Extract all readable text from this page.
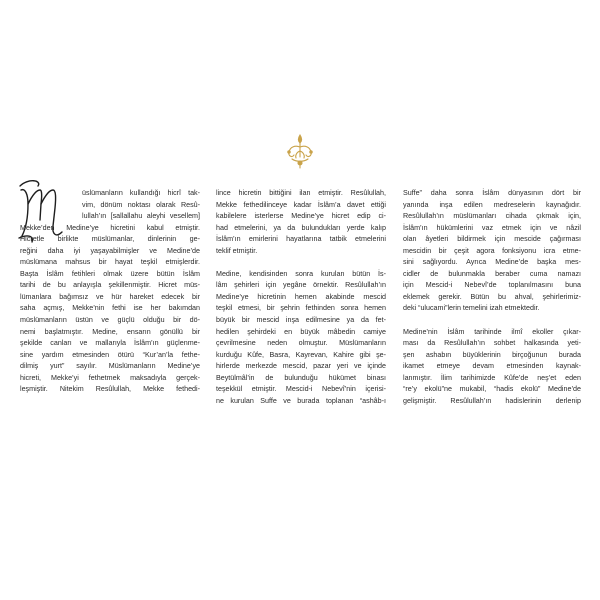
üslümanların kullandığı hicrî tak-
vim, dönüm noktası olarak Resû-
lullah’ın [sallallahu aleyhi vesellem]
Mekke’den Medine’ye hicretini kabul etmiştir.
Hicretle birlikte müslümanlar, dinlerinin ge-
reğini daha iyi yaşayabilmişler ve Medine’de
müslümana mahsus bir hayat teşkil etmişlerdir.
Başta İslâm fetihleri olmak üzere bütün İslâm
tarihi de bu anlayışla şekillenmiştir. Hicret müs-
lümanlara bağımsız ve hür hareket edecek bir
saha açmış, Mekke’nin fethi ise her bakımdan
müslümanların üstün ve güçlü olduğu bir dö-
nemi başlatmıştır. Medine, ensarın gönüllü bir
şekilde canları ve mallarıyla İslâm’ın güçlenme-
sine yardım etmesinden ötürü “Kur’an’la fethe-
dilmiş yurt” sayılır. Müslümanların Medine’ye
hicreti, Mekke’yi fethetmek maksadıyla gerçek-
leşmiştir. Nitekim Resûlullah, Mekke fethedi-
lince hicretin bittiğini ilan etmiştir. Resûlullah,
Mekke fethedilinceye kadar İslâm’a davet ettiği
kabilelere isterlerse Medine’ye hicret edip ci-
had etmelerini, ya da bulundukları yerde kalıp
İslâm’ın emirlerini hayatlarına tatbik etmelerini
teklif etmiştir.
Medine, kendisinden sonra kurulan bütün İs-
lâm şehirleri için yegâne örnektir. Resûlullah’ın
Medine’ye hicretinin hemen akabinde mescid
teşkil etmesi, bir şehrin fethinden sonra hemen
büyük bir mescid inşa edilmesine ya da fet-
hedilen şehirdeki en büyük mâbedin camiye
çevrilmesine neden olmuştur. Müslümanların
kurduğu Kûfe, Basra, Kayrevan, Kahire gibi şe-
hirlerde merkezde mescid, pazar yeri ve içinde
Beytülmâl’in de bulunduğu hükümet binası
teşekkül etmiştir. Mescid-i Nebevî’nin içerisi-
ne kurulan Suffe ve burada toplanan “ashâb-ı
Suffe” daha sonra İslâm dünyasının dört bir
yanında inşa edilen medreselerin kaynağıdır.
Resûlullah’ın müslümanları cihada çıkmak için,
İslâm’ın hükümlerini vaz etmek için ve nâzil
olan âyetleri bildirmek için mescide çağırması
mescidin bir çeşit agora fonksiyonu icra etme-
sini sağlıyordu. Ayrıca Medine’de başka mes-
cidler de bulunmakla beraber cuma namazı
için Mescid-i Nebevî’de toplanılmasını buna
eklemek gerekir. Bütün bu ahval, şehirlerimiz-
deki “ulucami”lerin temelini izah etmektedir.
Medine’nin İslâm tarihinde ilmî ekoller çıkar-
ması da Resûlullah’ın sohbet halkasında yeti-
şen ashabın büyüklerinin birçoğunun burada
ikamet etmeye devam etmesinden kaynak-
lanmıştır. İlim tarihimizde Kûfe’de neş’et eden
“re’y ekolü”ne mukabil, “hadis ekolü” Medine’de
gelişmiştir. Resûlullah’ın hadislerinin derlenip
